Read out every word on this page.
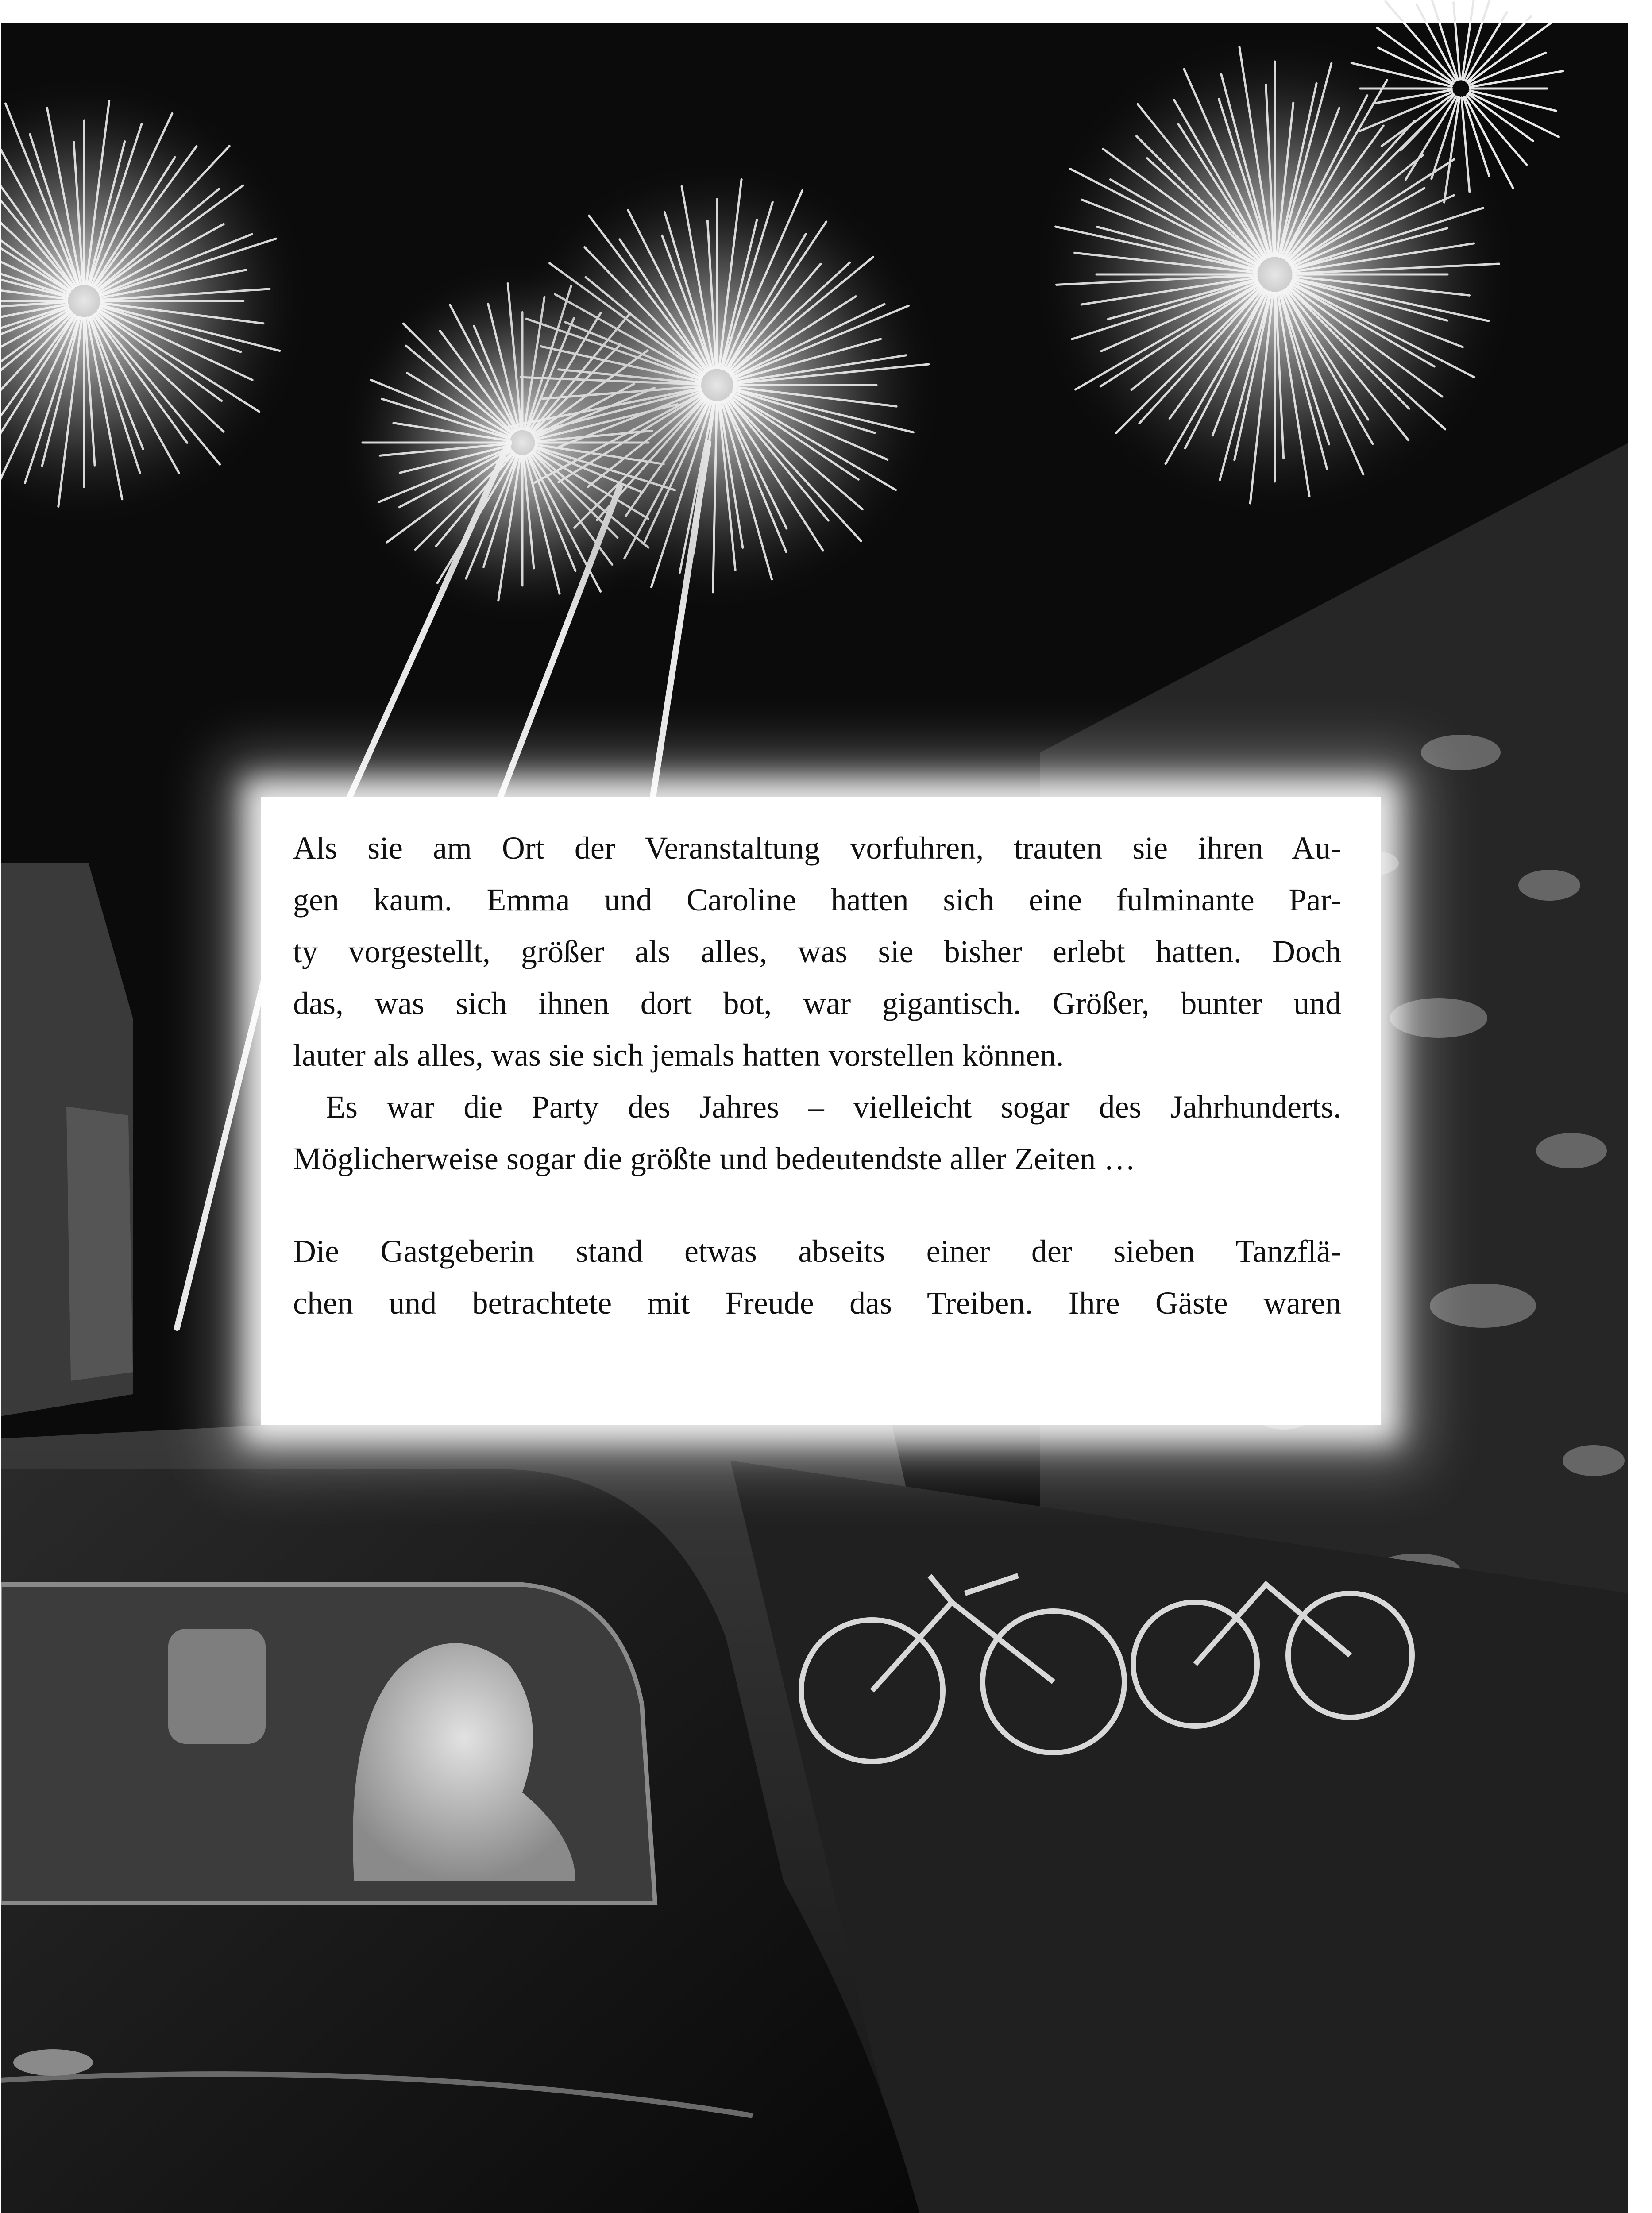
Als sie am Ort der Veranstaltung vorfuhren, trauten sie ihren Au-
gen kaum. Emma und Caroline hatten sich eine fulminante Par-
ty vorgestellt, größer als alles, was sie bisher erlebt hatten. Doch
das, was sich ihnen dort bot, war gigantisch. Größer, bunter und
lauter als alles, was sie sich jemals hatten vorstellen können.
Es war die Party des Jahres – vielleicht sogar des Jahrhunderts.
Möglicherweise sogar die größte und bedeutendste aller Zeiten …
Die Gastgeberin stand etwas abseits einer der sieben Tanzflä-
chen und betrachtete mit Freude das Treiben. Ihre Gäste waren
